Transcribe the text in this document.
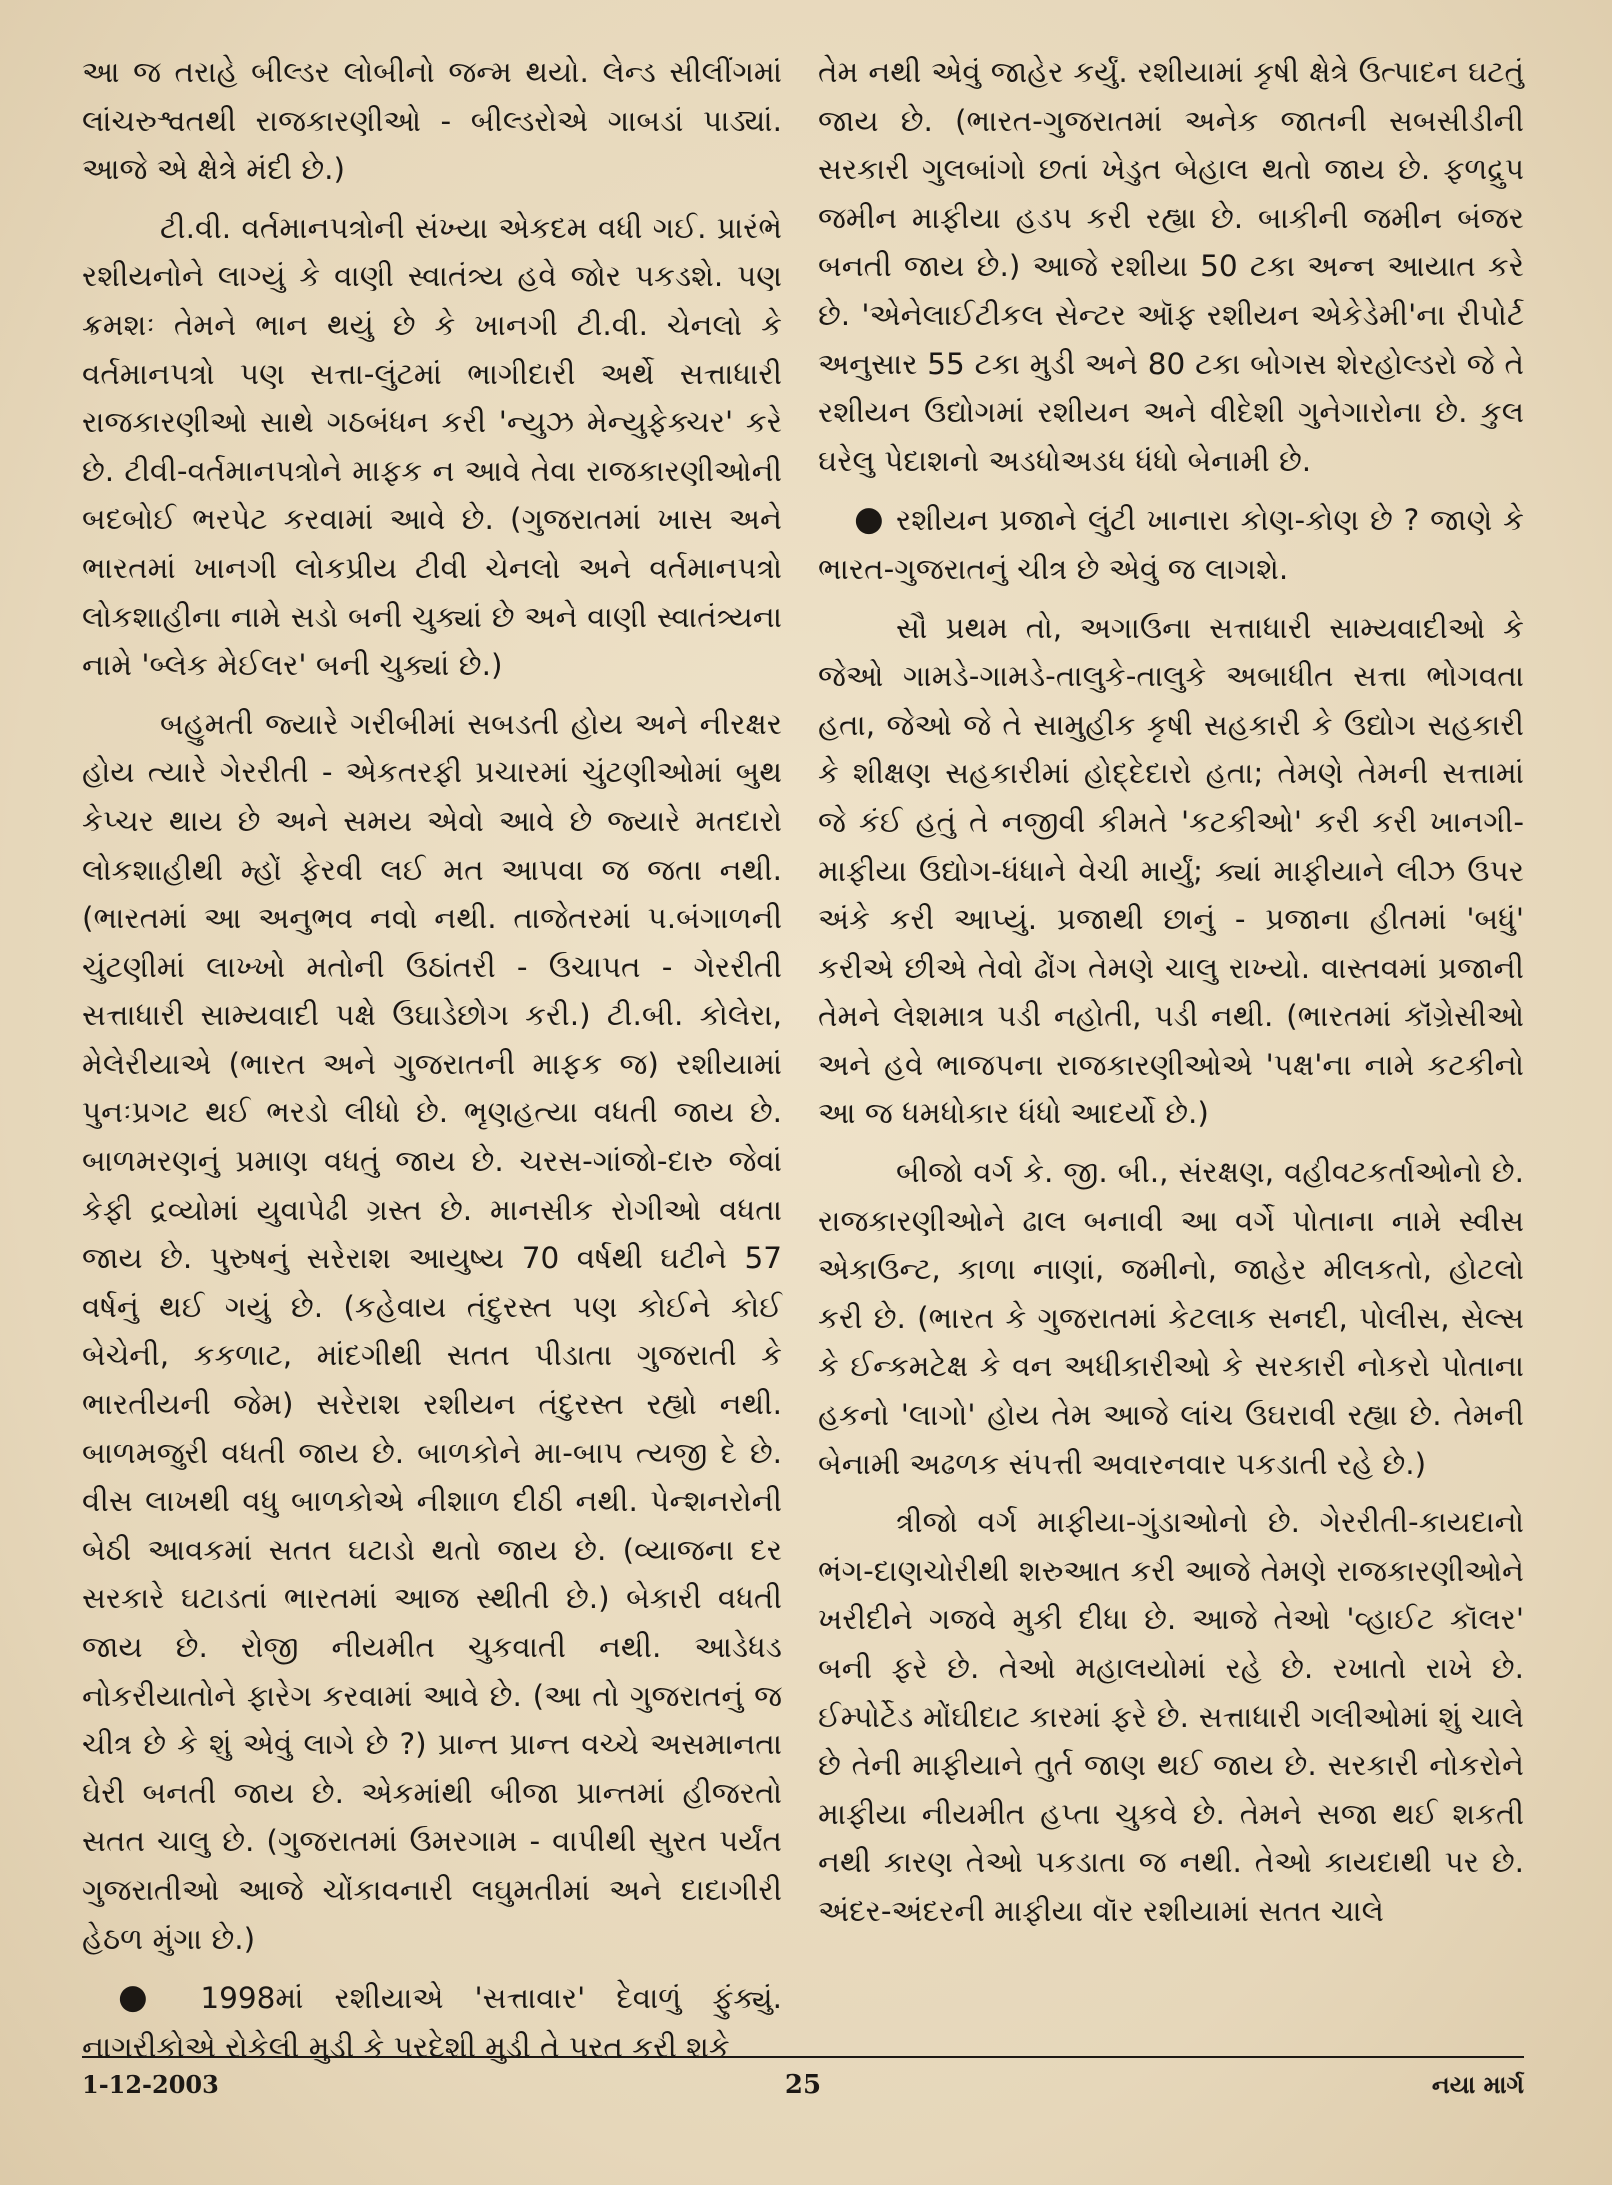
આ જ તરાહે બીલ્ડર લોબીનો જન્મ થયો. લેન્ડ સીલીંગમાં લાંચરુશ્વતથી રાજકારણીઓ - બીલ્ડરોએ ગાબડાં પાડ્યાં. આજે એ ક્ષેત્રે મંદી છે.)

ટી.વી. વર્તમાનપત્રોની સંખ્યા એકદમ વધી ગઈ. પ્રારંભે રશીયનોને લાગ્યું કે વાણી સ્વાતંત્ર્ય હવે જોર પકડશે. પણ ક્રમશઃ તેમને ભાન થયું છે કે ખાનગી ટી.વી. ચેનલો કે વર્તમાનપત્રો પણ સત્તા-લુંટમાં ભાગીદારી અર્થે સત્તાધારી રાજકારણીઓ સાથે ગઠબંધન કરી 'ન્યુઝ મેન્યુફેક્ચર' કરે છે. ટીવી-વર્તમાનપત્રોને માફક ન આવે તેવા રાજકારણીઓની બદબોઈ ભરપેટ કરવામાં આવે છે. (ગુજરાતમાં ખાસ અને ભારતમાં ખાનગી લોકપ્રીય ટીવી ચેનલો અને વર્તમાનપત્રો લોકશાહીના નામે સડો બની ચુક્યાં છે અને વાણી સ્વાતંત્ર્યના નામે 'બ્લેક મેઈલર' બની ચુક્યાં છે.)

બહુમતી જ્યારે ગરીબીમાં સબડતી હોય અને નીરક્ષર હોય ત્યારે ગેરરીતી - એકતરફી પ્રચારમાં ચુંટણીઓમાં બુથ કેપ્ચર થાય છે અને સમય એવો આવે છે જ્યારે મતદારો લોકશાહીથી મ્હોં ફેરવી લઈ મત આપવા જ જતા નથી. (ભારતમાં આ અનુભવ નવો નથી. તાજેતરમાં પ.બંગાળની ચુંટણીમાં લાખ્ખો મતોની ઉઠાંતરી - ઉચાપત - ગેરરીતી સત્તાધારી સામ્યવાદી પક્ષે ઉઘાડેછોગ કરી.) ટી.બી. કોલેરા, મેલેરીયાએ (ભારત અને ગુજરાતની માફક જ) રશીયામાં પુનઃપ્રગટ થઈ ભરડો લીધો છે. ભૃણહત્યા વધતી જાય છે. બાળમરણનું પ્રમાણ વધતું જાય છે. ચરસ-ગાંજો-દારુ જેવાં કેફી દ્રવ્યોમાં યુવાપેઢી ગ્રસ્ત છે. માનસીક રોગીઓ વધતા જાય છે. પુરુષનું સરેરાશ આયુષ્ય 70 વર્ષથી ઘટીને 57 વર્ષનું થઈ ગયું છે. (કહેવાય તંદુરસ્ત પણ કોઈને કોઈ બેચેની, કકળાટ, માંદગીથી સતત પીડાતા ગુજરાતી કે ભારતીયની જેમ) સરેરાશ રશીયન તંદુરસ્ત રહ્યો નથી. બાળમજુરી વધતી જાય છે. બાળકોને મા-બાપ ત્યજી દે છે. વીસ લાખથી વધુ બાળકોએ નીશાળ દીઠી નથી. પેન્શનરોની બેઠી આવકમાં સતત ઘટાડો થતો જાય છે. (વ્યાજના દર સરકારે ઘટાડતાં ભારતમાં આજ સ્થીતી છે.) બેકારી વધતી જાય છે. રોજી નીયમીત ચુકવાતી નથી. આડેધડ નોકરીયાતોને ફારેગ કરવામાં આવે છે. (આ તો ગુજરાતનું જ ચીત્ર છે કે શું એવું લાગે છે ?) પ્રાન્ત પ્રાન્ત વચ્ચે અસમાનતા ઘેરી બનતી જાય છે. એકમાંથી બીજા પ્રાન્તમાં હીજરતો સતત ચાલુ છે. (ગુજરાતમાં ઉમરગામ - વાપીથી સુરત પર્યંત ગુજરાતીઓ આજે ચોંકાવનારી લઘુમતીમાં અને દાદાગીરી હેઠળ મુંગા છે.)

● 1998માં રશીયાએ 'સત્તાવાર' દેવાળું ફુંક્યું. નાગરીકોએ રોકેલી મુડી કે પરદેશી મુડી તે પરત કરી શકે

તેમ નથી એવું જાહેર કર્યું. રશીયામાં કૃષી ક્ષેત્રે ઉત્પાદન ઘટતું જાય છે. (ભારત-ગુજરાતમાં અનેક જાતની સબસીડીની સરકારી ગુલબાંગો છતાં ખેડુત બેહાલ થતો જાય છે. ફળદ્રુપ જમીન માફીયા હડપ કરી રહ્યા છે. બાકીની જમીન બંજર બનતી જાય છે.) આજે રશીયા 50 ટકા અન્ન આયાત કરે છે. 'એનેલાઈટીકલ સેન્ટર ઑફ રશીયન એકેડેમી'ના રીપોર્ટ અનુસાર 55 ટકા મુડી અને 80 ટકા બોગસ શેરહોલ્ડરો જે તે રશીયન ઉદ્યોગમાં રશીયન અને વીદેશી ગુનેગારોના છે. કુલ ઘરેલુ પેદાશનો અડધોઅડધ ધંધો બેનામી છે.

● રશીયન પ્રજાને લુંટી ખાનારા કોણ-કોણ છે ? જાણે કે ભારત-ગુજરાતનું ચીત્ર છે એવું જ લાગશે.

સૌ પ્રથમ તો, અગાઉના સત્તાધારી સામ્યવાદીઓ કે જેઓ ગામડે-ગામડે-તાલુકે-તાલુકે અબાધીત સત્તા ભોગવતા હતા, જેઓ જે તે સામુહીક કૃષી સહકારી કે ઉદ્યોગ સહકારી કે શીક્ષણ સહકારીમાં હોદ્દેદારો હતા; તેમણે તેમની સત્તામાં જે કંઈ હતું તે નજીવી કીમતે 'કટકીઓ' કરી કરી ખાનગી-માફીયા ઉદ્યોગ-ધંધાને વેચી માર્યું; ક્યાં માફીયાને લીઝ ઉપર અંકે કરી આપ્યું. પ્રજાથી છાનું - પ્રજાના હીતમાં 'બધું' કરીએ છીએ તેવો ઢોંગ તેમણે ચાલુ રાખ્યો. વાસ્તવમાં પ્રજાની તેમને લેશમાત્ર પડી નહોતી, પડી નથી. (ભારતમાં કૉંગ્રેસીઓ અને હવે ભાજપના રાજકારણીઓએ 'પક્ષ'ના નામે કટકીનો આ જ ધમધોકાર ધંધો આદર્યો છે.)

બીજો વર્ગ કે. જી. બી., સંરક્ષણ, વહીવટકર્તાઓનો છે. રાજકારણીઓને ઢાલ બનાવી આ વર્ગે પોતાના નામે સ્વીસ એકાઉન્ટ, કાળા નાણાં, જમીનો, જાહેર મીલકતો, હોટલો કરી છે. (ભારત કે ગુજરાતમાં કેટલાક સનદી, પોલીસ, સેલ્સ કે ઈન્કમટેક્ષ કે વન અધીકારીઓ કે સરકારી નોકરો પોતાના હકનો 'લાગો' હોય તેમ આજે લાંચ ઉઘરાવી રહ્યા છે. તેમની બેનામી અઢળક સંપત્તી અવારનવાર પકડાતી રહે છે.)

ત્રીજો વર્ગ માફીયા-ગુંડાઓનો છે. ગેરરીતી-કાયદાનો ભંગ-દાણચોરીથી શરુઆત કરી આજે તેમણે રાજકારણીઓને ખરીદીને ગજવે મુકી દીધા છે. આજે તેઓ 'વ્હાઈટ કૉલર' બની ફરે છે. તેઓ મહાલયોમાં રહે છે. રખાતો રાખે છે. ઈમ્પોર્ટેડ મોંઘીદાટ કારમાં ફરે છે. સત્તાધારી ગલીઓમાં શું ચાલે છે તેની માફીયાને તુર્ત જાણ થઈ જાય છે. સરકારી નોકરોને માફીયા નીયમીત હપ્તા ચુકવે છે. તેમને સજા થઈ શકતી નથી કારણ તેઓ પકડાતા જ નથી. તેઓ કાયદાથી પર છે. અંદર-અંદરની માફીયા વૉર રશીયામાં સતત ચાલે

1-12-2003	25	નયા માર્ગ
